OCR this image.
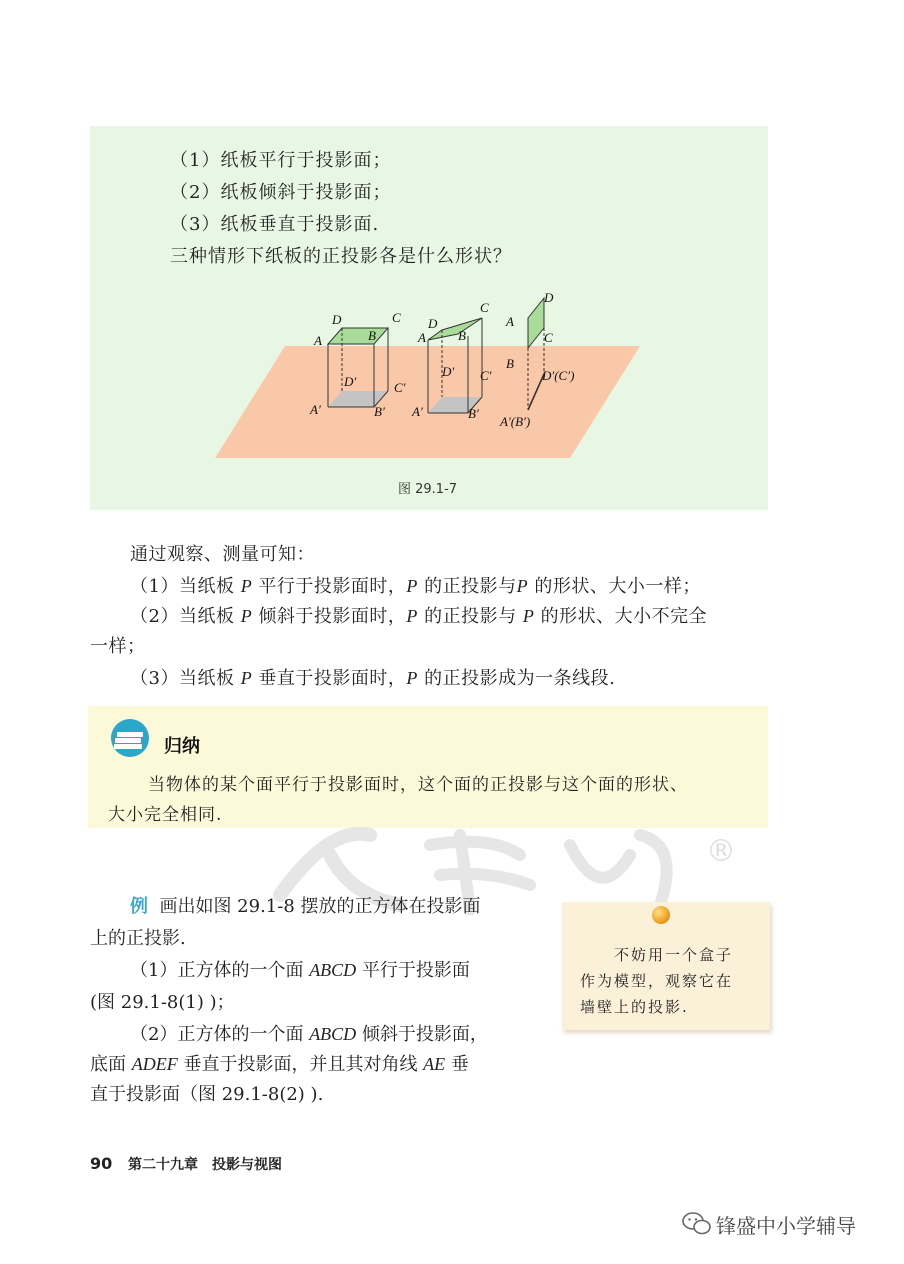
（1）纸板平行于投影面；
（2）纸板倾斜于投影面；
（3）纸板垂直于投影面.
三种情形下纸板的正投影各是什么形状？
D	C
A	B
D′	C′
A′	B′
D
C
A B
D′ C′
A′	B′
D
A
C
B
D′(C′)
A′(B′)
图 29.1-7
通过观察、测量可知：
（1）当纸板 P 平行于投影面时，P 的正投影与P 的形状、大小一样；
（2）当纸板 P 倾斜于投影面时，P 的正投影与 P 的形状、大小不完全
一样；
（3）当纸板 P 垂直于投影面时，P 的正投影成为一条线段.
归纳
当物体的某个面平行于投影面时，这个面的正投影与这个面的形状、
大小完全相同.
®
例 画出如图 29.1-8 摆放的正方体在投影面
上的正投影.
（1）正方体的一个面 ABCD 平行于投影面
(图 29.1-8(1) )；
（2）正方体的一个面 ABCD 倾斜于投影面，
底面 ADEF 垂直于投影面，并且其对角线 AE 垂
直于投影面（图 29.1-8(2) ).
不妨用一个盒子
作为模型，观察它在
墙壁上的投影.
90 第二十九章　投影与视图
锋盛中小学辅导
